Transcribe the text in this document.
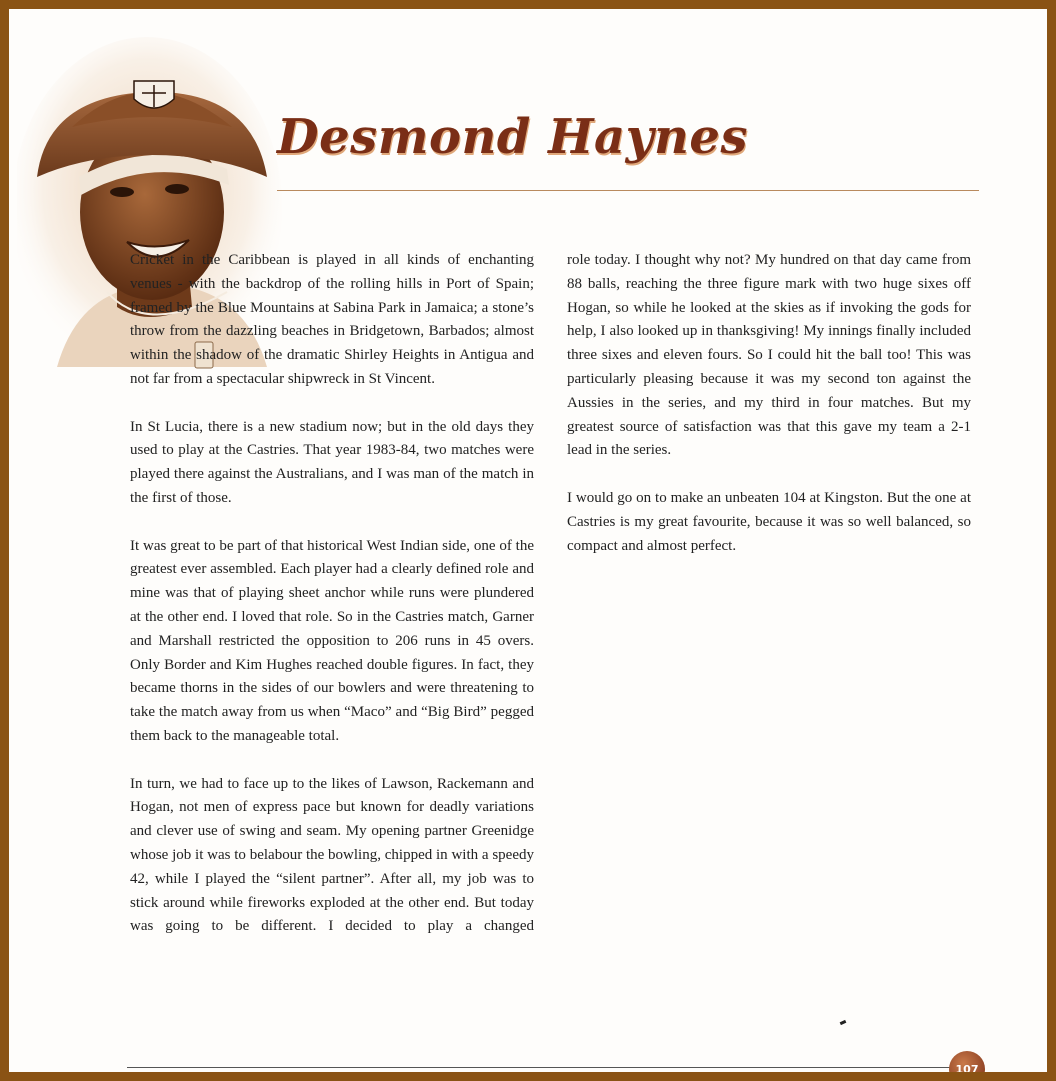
Desmond Haynes

Cricket in the Caribbean is played in all kinds of enchanting venues - with the backdrop of the rolling hills in Port of Spain; framed by the Blue Mountains at Sabina Park in Jamaica; a stone’s throw from the dazzling beaches in Bridgetown, Barbados; almost within the shadow of the dramatic Shirley Heights in Antigua and not far from a spectacular shipwreck in St Vincent.

In St Lucia, there is a new stadium now; but in the old days they used to play at the Castries. That year 1983-84, two matches were played there against the Australians, and I was man of the match in the first of those.

It was great to be part of that historical West Indian side, one of the greatest ever assembled. Each player had a clearly defined role and mine was that of playing sheet anchor while runs were plundered at the other end. I loved that role. So in the Castries match, Garner and Marshall restricted the opposition to 206 runs in 45 overs. Only Border and Kim Hughes reached double figures. In fact, they became thorns in the sides of our bowlers and were threatening to take the match away from us when “Maco” and “Big Bird” pegged them back to the manageable total.

In turn, we had to face up to the likes of Lawson, Rackemann and Hogan, not men of express pace but known for deadly variations and clever use of swing and seam. My opening partner Greenidge whose job it was to belabour the bowling, chipped in with a speedy 42, while I played the “silent partner”. After all, my job was to stick around while fireworks exploded at the other end. But today was going to be different. I decided to play a changed

role today. I thought why not? My hundred on that day came from 88 balls, reaching the three figure mark with two huge sixes off Hogan, so while he looked at the skies as if invoking the gods for help, I also looked up in thanksgiving! My innings finally included three sixes and eleven fours. So I could hit the ball too! This was particularly pleasing because it was my second ton against the Aussies in the series, and my third in four matches. But my greatest source of satisfaction was that this gave my team a 2-1 lead in the series.

I would go on to make an unbeaten 104 at Kingston. But the one at Castries is my great favourite, because it was so well balanced, so compact and almost perfect.

107
